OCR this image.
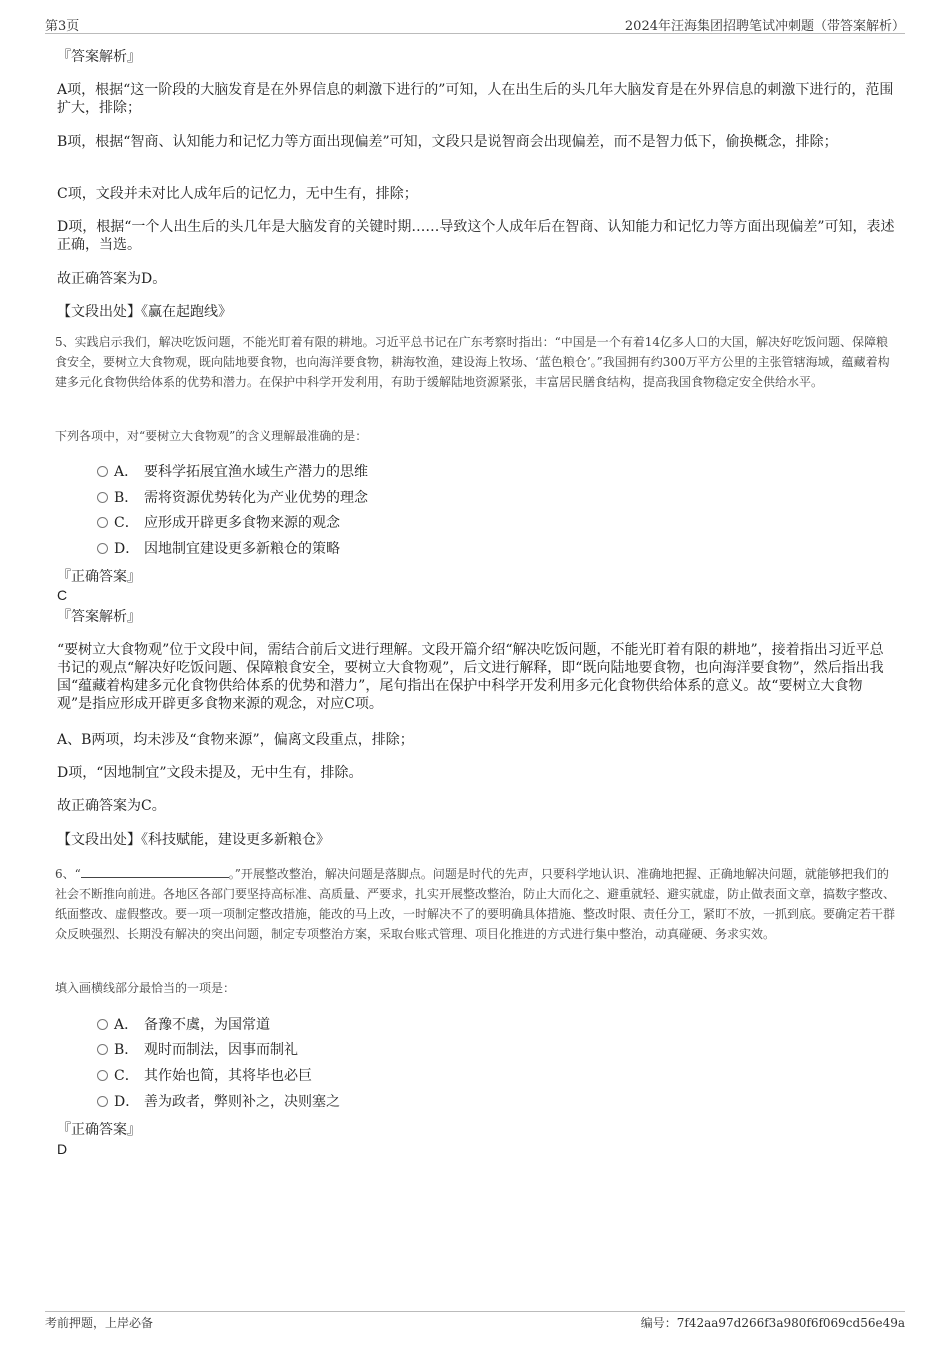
第3页	2024年汪海集团招聘笔试冲刺题（带答案解析）
『答案解析』
A项，根据“这一阶段的大脑发育是在外界信息的刺激下进行的”可知，人在出生后的头几年大脑发育是在外界信息的刺激下进行的，范围扩大，排除；
B项，根据“智商、认知能力和记忆力等方面出现偏差”可知，文段只是说智商会出现偏差，而不是智力低下，偷换概念，排除；
C项，文段并未对比人成年后的记忆力，无中生有，排除；
D项，根据“一个人出生后的头几年是大脑发育的关键时期……导致这个人成年后在智商、认知能力和记忆力等方面出现偏差”可知，表述正确，当选。
故正确答案为D。
【文段出处】《赢在起跑线》
5、实践启示我们，解决吃饭问题，不能光盯着有限的耕地。习近平总书记在广东考察时指出：“中国是一个有着14亿多人口的大国，解决好吃饭问题、保障粮食安全，要树立大食物观，既向陆地要食物，也向海洋要食物，耕海牧渔，建设海上牧场、‘蓝色粮仓’。”我国拥有约300万平方公里的主张管辖海域，蕴藏着构建多元化食物供给体系的优势和潜力。在保护中科学开发利用，有助于缓解陆地资源紧张，丰富居民膳食结构，提高我国食物稳定安全供给水平。
下列各项中，对“要树立大食物观”的含义理解最准确的是：
A． 要科学拓展宜渔水域生产潜力的思维
B． 需将资源优势转化为产业优势的理念
C． 应形成开辟更多食物来源的观念
D． 因地制宜建设更多新粮仓的策略
『正确答案』
C
『答案解析』
“要树立大食物观”位于文段中间，需结合前后文进行理解。文段开篇介绍“解决吃饭问题，不能光盯着有限的耕地”，接着指出习近平总书记的观点“解决好吃饭问题、保障粮食安全，要树立大食物观”，后文进行解释，即“既向陆地要食物，也向海洋要食物”，然后指出我国“蕴藏着构建多元化食物供给体系的优势和潜力”，尾句指出在保护中科学开发利用多元化食物供给体系的意义。故“要树立大食物观”是指应形成开辟更多食物来源的观念，对应C项。
A、B两项，均未涉及“食物来源”，偏离文段重点，排除；
D项，“因地制宜”文段未提及，无中生有，排除。
故正确答案为C。
【文段出处】《科技赋能，建设更多新粮仓》
6、“	。”开展整改整治，解决问题是落脚点。问题是时代的先声，只要科学地认识、准确地把握、正确地解决问题，就能够把我们的社会不断推向前进。各地区各部门要坚持高标准、高质量、严要求，扎实开展整改整治，防止大而化之、避重就轻、避实就虚，防止做表面文章，搞数字整改、纸面整改、虚假整改。要一项一项制定整改措施，能改的马上改，一时解决不了的要明确具体措施、整改时限、责任分工，紧盯不放，一抓到底。要确定若干群众反映强烈、长期没有解决的突出问题，制定专项整治方案，采取台账式管理、项目化推进的方式进行集中整治，动真碰硬、务求实效。
填入画横线部分最恰当的一项是：
A． 备豫不虞，为国常道
B． 观时而制法，因事而制礼
C． 其作始也简，其将毕也必巨
D． 善为政者，弊则补之，决则塞之
『正确答案』
D
考前押题，上岸必备	编号：7f42aa97d266f3a980f6f069cd56e49a
